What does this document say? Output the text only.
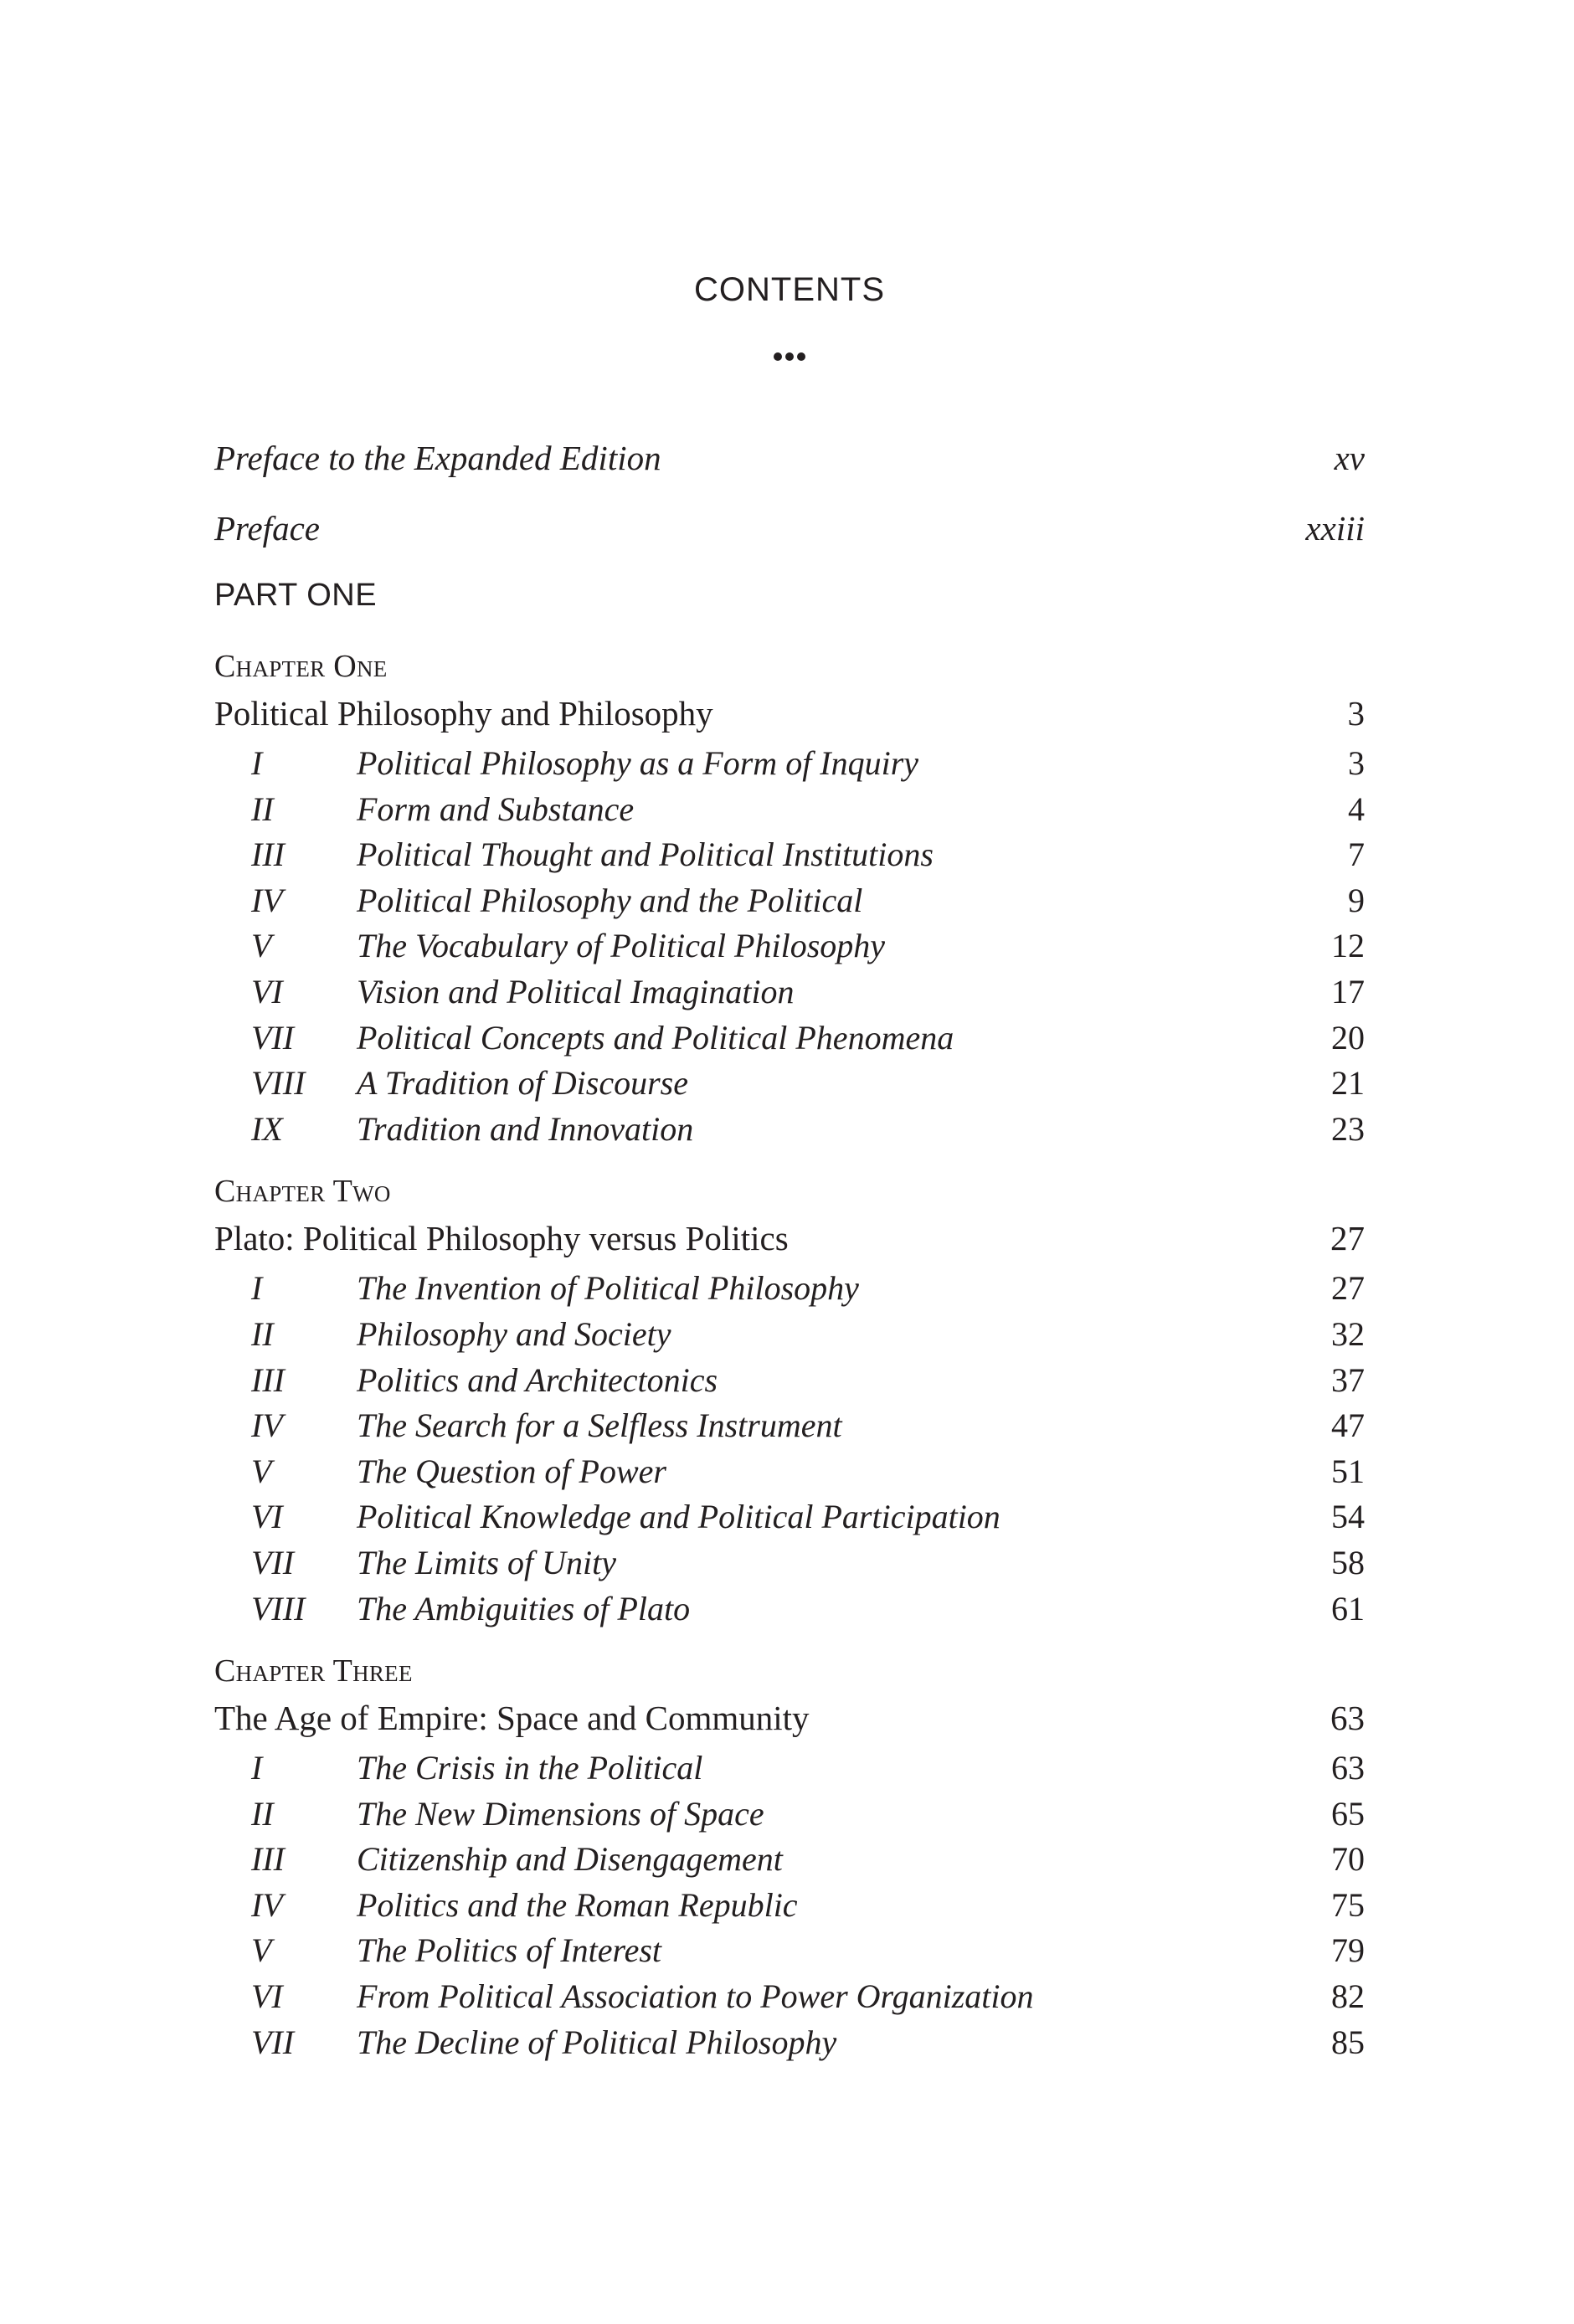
CONTENTS
Preface to the Expanded Edition	xv
Preface	xxiii
PART ONE
Chapter One
Political Philosophy and Philosophy	3
I	Political Philosophy as a Form of Inquiry	3
II	Form and Substance	4
III	Political Thought and Political Institutions	7
IV	Political Philosophy and the Political	9
V	The Vocabulary of Political Philosophy	12
VI	Vision and Political Imagination	17
VII	Political Concepts and Political Phenomena	20
VIII	A Tradition of Discourse	21
IX	Tradition and Innovation	23
Chapter Two
Plato: Political Philosophy versus Politics	27
I	The Invention of Political Philosophy	27
II	Philosophy and Society	32
III	Politics and Architectonics	37
IV	The Search for a Selfless Instrument	47
V	The Question of Power	51
VI	Political Knowledge and Political Participation	54
VII	The Limits of Unity	58
VIII	The Ambiguities of Plato	61
Chapter Three
The Age of Empire: Space and Community	63
I	The Crisis in the Political	63
II	The New Dimensions of Space	65
III	Citizenship and Disengagement	70
IV	Politics and the Roman Republic	75
V	The Politics of Interest	79
VI	From Political Association to Power Organization	82
VII	The Decline of Political Philosophy	85
